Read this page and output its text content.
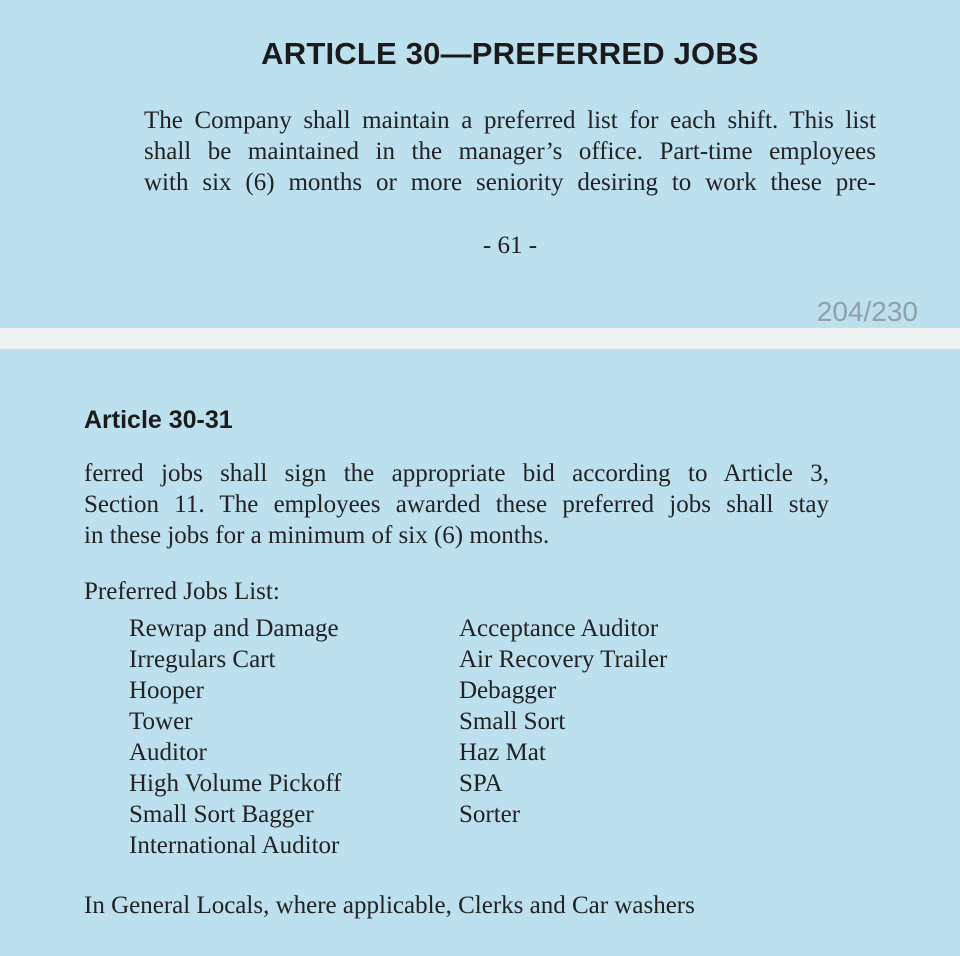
ARTICLE 30—PREFERRED JOBS
The Company shall maintain a preferred list for each shift. This list
shall be maintained in the manager’s office. Part-time employees
with six (6) months or more seniority desiring to work these pre-
- 61 -
204/230
Article 30-31
ferred jobs shall sign the appropriate bid according to Article 3,
Section 11. The employees awarded these preferred jobs shall stay
in these jobs for a minimum of six (6) months.
Preferred Jobs List:
Rewrap and Damage
Irregulars Cart
Hooper
Tower
Auditor
High Volume Pickoff
Small Sort Bagger
International Auditor
Acceptance Auditor
Air Recovery Trailer
Debagger
Small Sort
Haz Mat
SPA
Sorter
In General Locals, where applicable, Clerks and Car washers
